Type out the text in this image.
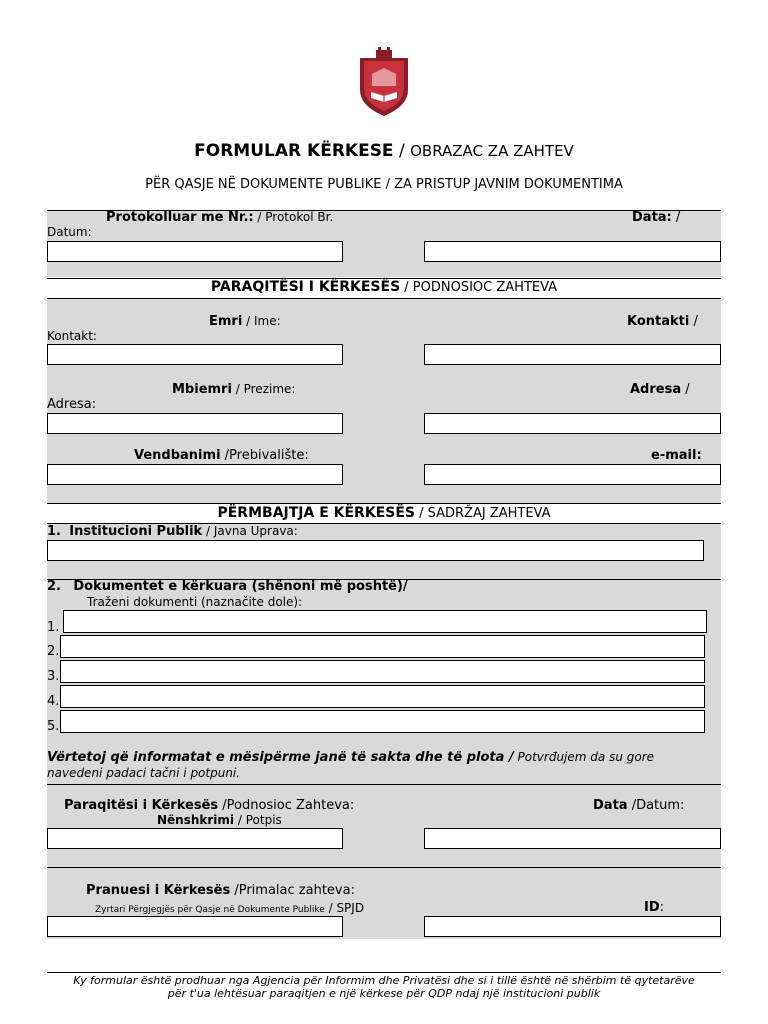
FORMULAR KËRKESE / OBRAZAC ZA ZAHTEV
PËR QASJE NË DOKUMENTE PUBLIKE / ZA PRISTUP JAVNIM DOKUMENTIMA
Protokolluar me Nr.: / Protokol Br.	Data: /
Datum:
PARAQITËSI I KËRKESËS / PODNOSIOC ZAHTEVA
Emri / Ime:	Kontakti /
Kontakt:
Mbiemri / Prezime:	Adresa /
Adresa:
Vendbanimi /Prebivalište:	e-mail:
PËRMBAJTJA E KËRKESËS / SADRŽAJ ZAHTEVA
1. Institucioni Publik / Javna Uprava:
2. Dokumentet e kërkuara (shënoni më poshtë)/
Traženi dokumenti (naznačite dole):
1.
2.
3.
4.
5.
Vërtetoj që informatat e mësipërme janë të sakta dhe të plota / Potvrđujem da su gore
navedeni padaci tačni i potpuni.
Paraqitësi i Kërkesës /Podnosioc Zahteva:	Data /Datum:
Nënshkrimi / Potpis
Pranuesi i Kërkesës /Primalac zahteva:
Zyrtari Përgjegjës për Qasje në Dokumente Publike / SPJD	ID:
Ky formular është prodhuar nga Agjencia për Informim dhe Privatësi dhe si i tillë është në shërbim të qytetarëve
për t'ua lehtësuar paraqitjen e një kërkese për QDP ndaj një institucioni publik
